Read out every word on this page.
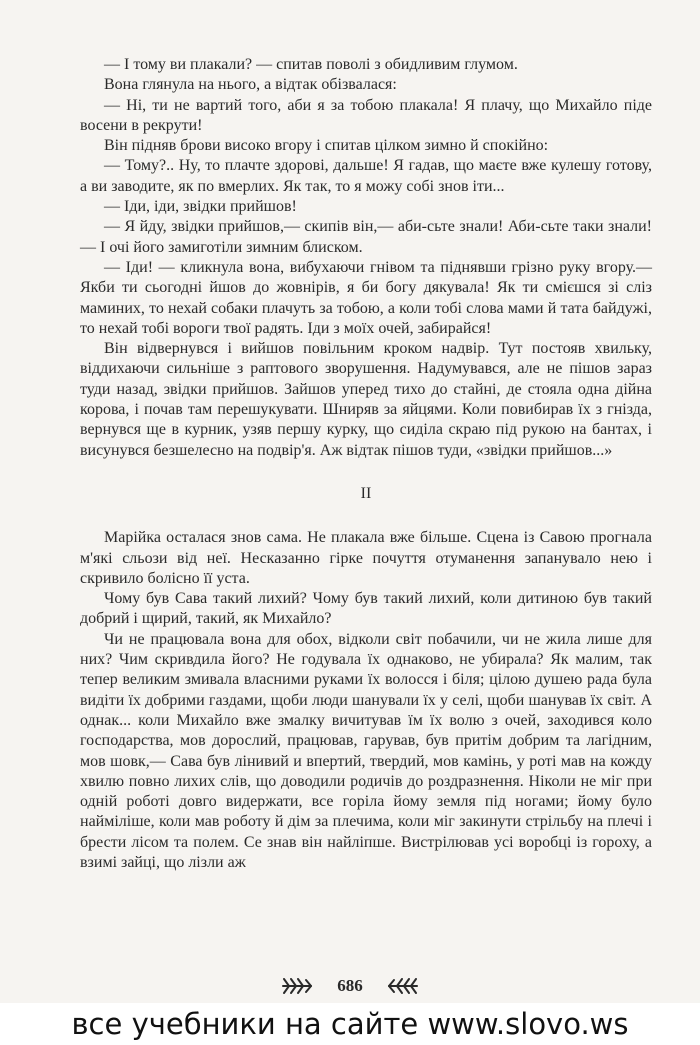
— І тому ви плакали? — спитав поволі з обидливим глумом.

Вона глянула на нього, а відтак обізвалася:

— Ні, ти не вартий того, аби я за тобою плакала! Я плачу, що Михайло піде восени в рекрути!

Він підняв брови високо вгору і спитав цілком зимно й спокійно:

— Тому?.. Ну, то плачте здорові, дальше! Я гадав, що маєте вже кулешу готову, а ви заводите, як по вмерлих. Як так, то я можу собі знов іти...

— Іди, іди, звідки прийшов!

— Я йду, звідки прийшов,— скипів він,— аби-сьте знали! Аби-сьте таки знали! — І очі його замиготіли зимним блиском.

— Іди! — кликнула вона, вибухаючи гнівом та піднявши грізно руку вгору.— Якби ти сьогодні йшов до жовнірів, я би богу дякувала! Як ти смієшся зі сліз маминих, то нехай собаки плачуть за тобою, а коли тобі слова мами й тата байдужі, то нехай тобі вороги твої радять. Іди з моїх очей, забирайся!

Він відвернувся і вийшов повільним кроком надвір. Тут постояв хвильку, віддихаючи сильніше з раптового зворушення. Надумувався, але не пішов зараз туди назад, звідки прийшов. Зайшов уперед тихо до стайні, де стояла одна дійна корова, і почав там перешукувати. Шниряв за яйцями. Коли повибирав їх з гнізда, вернувся ще в курник, узяв першу курку, що сиділа скраю під рукою на бантах, і висунувся безшелесно на подвір'я. Аж відтак пішов туди, «звідки прийшов...»

II

Марійка осталася знов сама. Не плакала вже більше. Сцена із Савою прогнала м'які сльози від неї. Несказанно гірке почуття отуманення запанувало нею і скривило болісно її уста.

Чому був Сава такий лихий? Чому був такий лихий, коли дитиною був такий добрий і щирий, такий, як Михайло?

Чи не працювала вона для обох, відколи світ побачили, чи не жила лише для них? Чим скривдила його? Не годувала їх однаково, не убирала? Як малим, так тепер великим змивала власними руками їх волосся і біля; цілою душею рада була видіти їх добрими газдами, щоби люди шанували їх у селі, щоби шанував їх світ. А однак... коли Михайло вже змалку вичитував їм їх волю з очей, заходився коло господарства, мов дорослий, працював, гарував, був притім добрим та лагідним, мов шовк,— Сава був лінивий и впертий, твердий, мов камінь, у роті мав на кожду хвилю повно лихих слів, що доводили родичів до роздразнення. Ніколи не міг при одній роботі довго видержати, все горіла йому земля під ногами; йому було найміліше, коли мав роботу й дім за плечима, коли міг закинути стрільбу на плечі і брести лісом та полем. Се знав він найліпше. Вистрілював усі воробці із гороху, а взимі зайці, що лізли аж

686
все учебники на сайте www.slovo.ws
